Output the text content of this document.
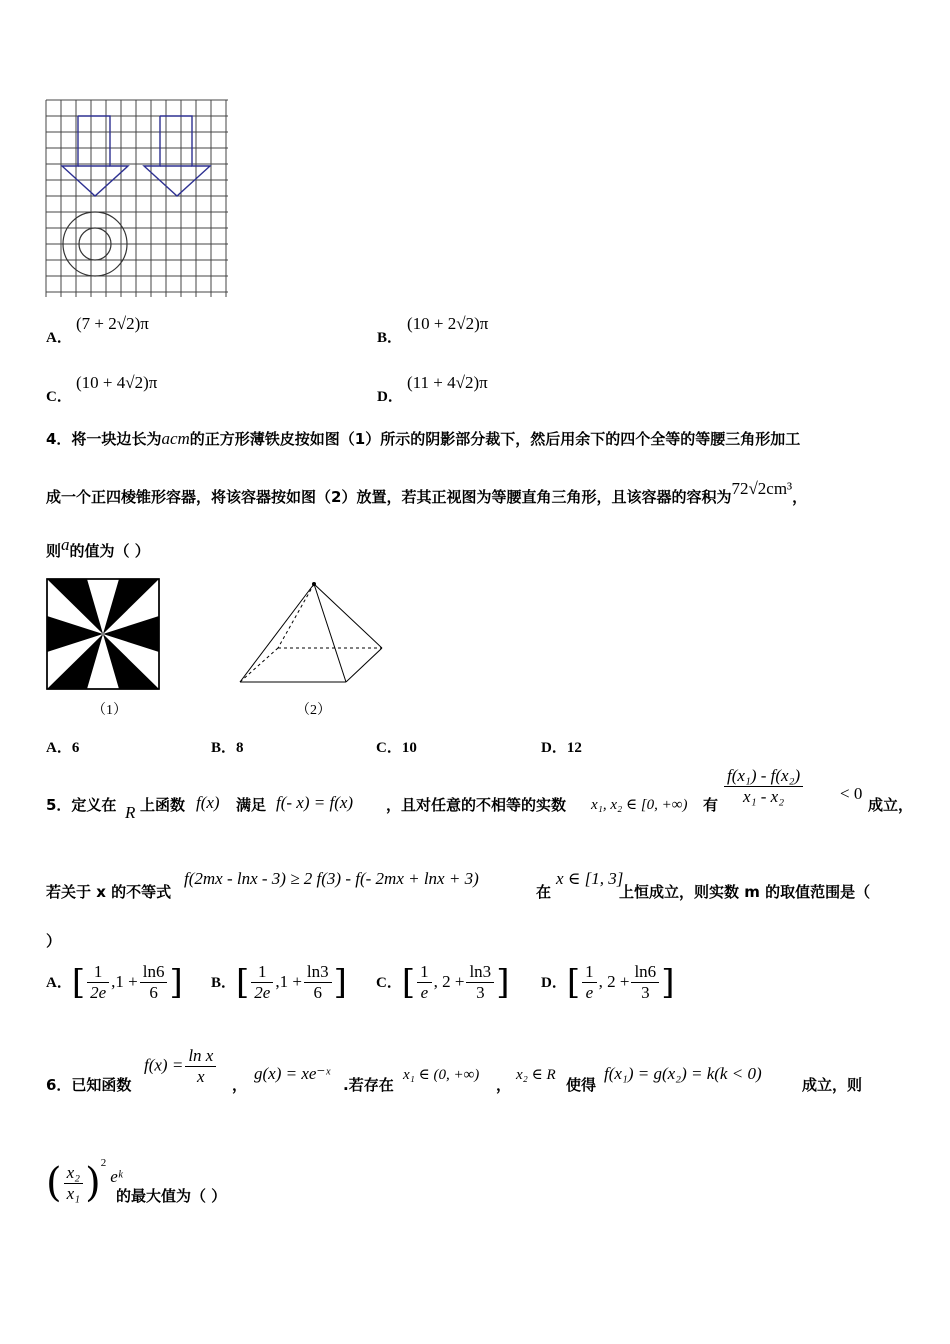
A．
(7 + 2√2)π
B．
(10 + 2√2)π
C．
(10 + 4√2)π
D．
(11 + 4√2)π
4．将一块边长为acm的正方形薄铁皮按如图（1）所示的阴影部分裁下，然后用余下的四个全等的等腰三角形加工
成一个正四棱锥形容器，将该容器按如图（2）放置，若其正视图为等腰直角三角形，且该容器的容积为72√2cm³，
则a的值为（ ）
（1）	（2）
A．6	B．8	C．10	D．12
5．定义在 R 上函数 f(x) 满足 f(- x) = f(x) ，且对任意的不相等的实数 x₁, x₂ ∈ [0, +∞) 有 $\frac{\text{f(x₁) - f(x₂)}}{\text{x₁ - x₂}} < 0$
成立，
若关于 x 的不等式
f(2mx - lnx - 3) ≥ 2 f(3) - f(- 2mx + lnx + 3)
在
x ∈ [1, 3]
上恒成立，则实数 m 的取值范围是（
）
A．[ $\frac{1}{2e} ,1 + \frac{\ln 6}{6}$ ] B．[ $\frac{1}{2e} ,1 + \frac{\ln 3}{6}$ ] C．[ $\frac{1}{e}$ , $2 + \frac{\ln 3}{3}$ ] D．[ $\frac{1}{e}$ , $2 + \frac{\ln 6}{3}$ ]
6．已知函数
$f(x) = \frac{\text{ln x}}{x}$ ，
g(x) = xe⁻ˣ
.若存在
x₁ ∈ (0, +∞)
，
x₂ ∈ R
使得
f(x₁) = g(x₂) = k(k < 0)
成立，则
( $\frac{\text{x₂}}{\text{x₁}}$ )$^2$eᵏ
的最大值为（ ）
